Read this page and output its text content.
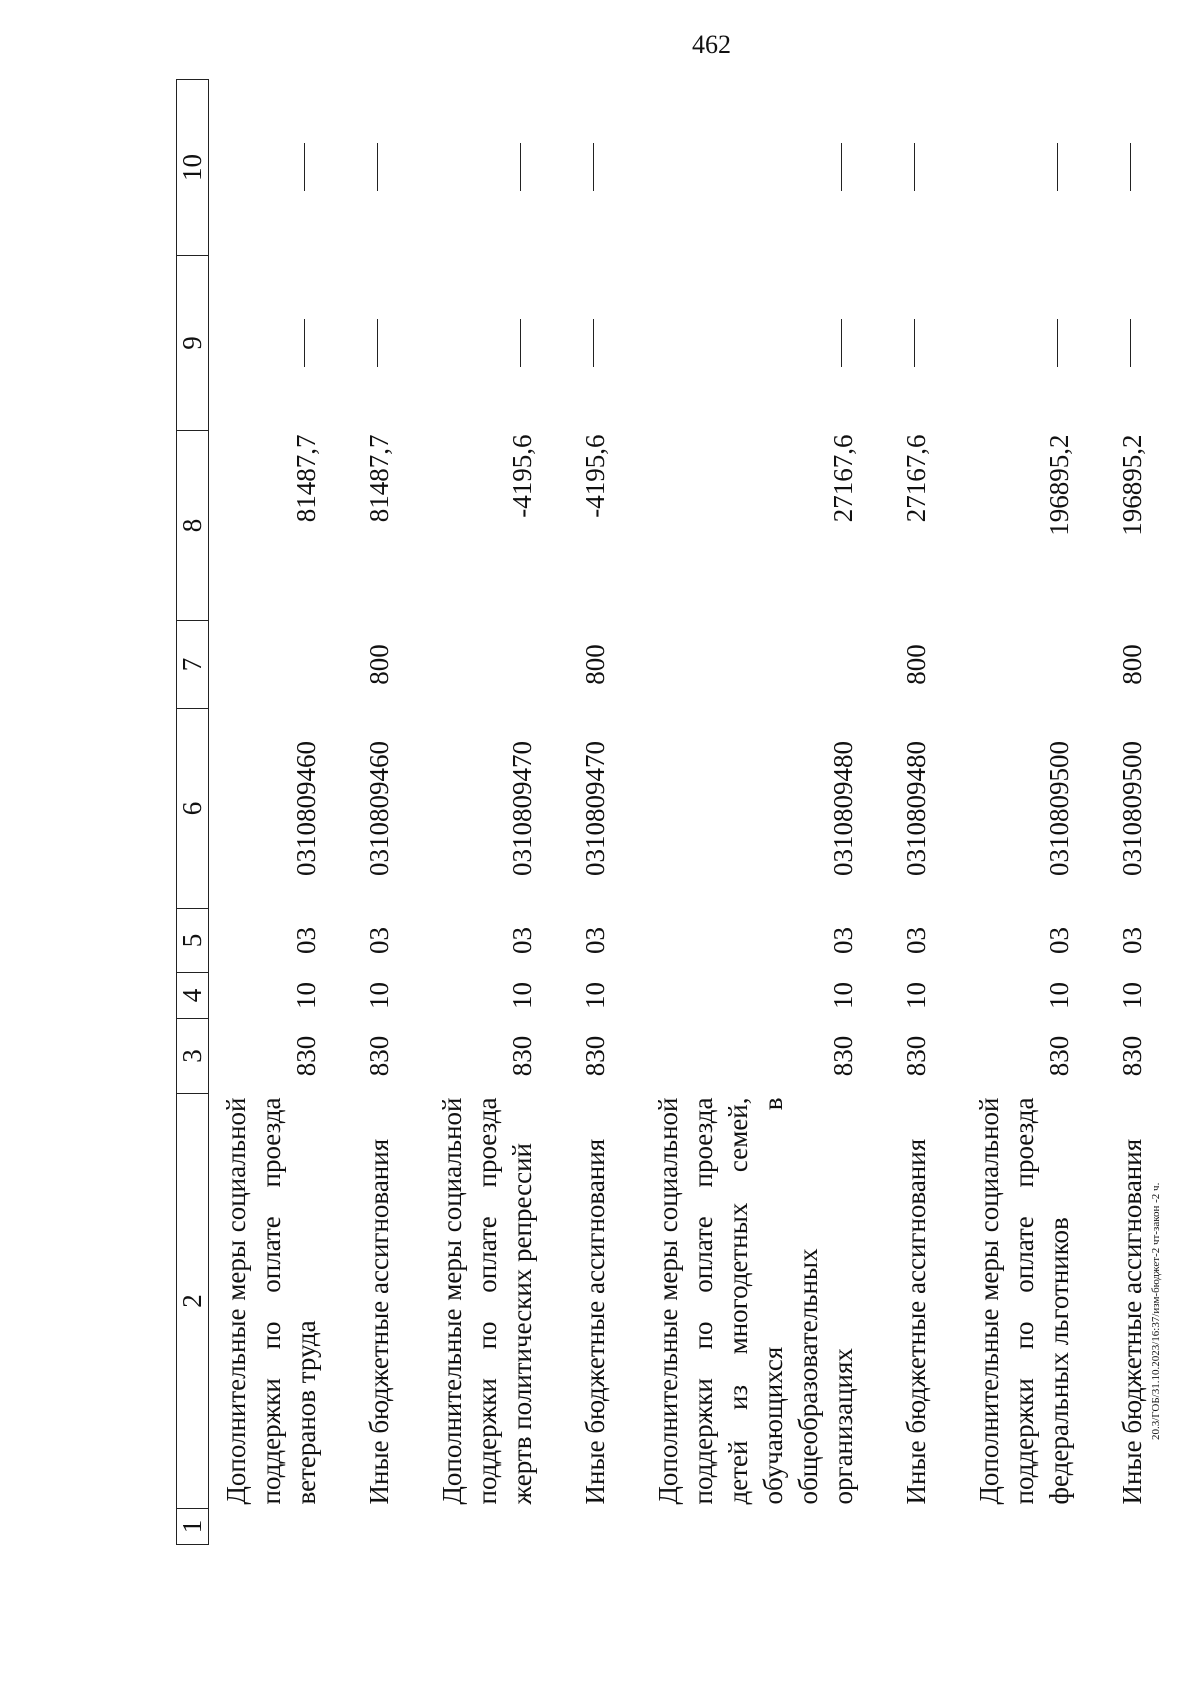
462
20.3/ГОБ/31.10.2023/16:37/изм-бюджет-2 чт-закон -2 ч.
1	2	3	4	5	6	7	8	9	10
	Дополнительные меры социальной поддержки по оплате проезда ветеранов труда	830	10	03	0310809460		81487,7		
	Иные бюджетные ассигнования	830	10	03	0310809460	800	81487,7		
	Дополнительные меры социальной поддержки по оплате проезда жертв политических репрессий	830	10	03	0310809470		-4195,6		
	Иные бюджетные ассигнования	830	10	03	0310809470	800	-4195,6		
	Дополнительные меры социальной поддержки по оплате проезда детей из многодетных семей, обучающихся в общеобразовательных организациях	830	10	03	0310809480		27167,6		
	Иные бюджетные ассигнования	830	10	03	0310809480	800	27167,6		
	Дополнительные меры социальной поддержки по оплате проезда федеральных льготников	830	10	03	0310809500		196895,2		
	Иные бюджетные ассигнования	830	10	03	0310809500	800	196895,2		
